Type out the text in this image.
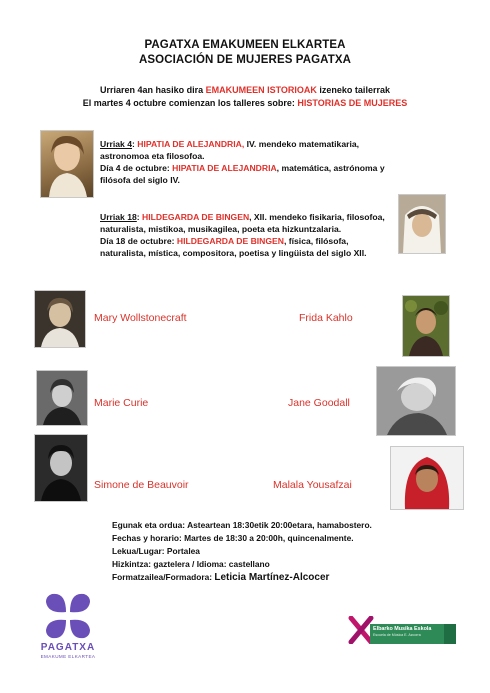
PAGATXA EMAKUMEEN ELKARTEA
ASOCIACIÓN DE MUJERES PAGATXA
Urriaren 4an hasiko dira EMAKUMEEN ISTORIOAK izeneko tailerrak
El martes 4 octubre comienzan los talleres sobre: HISTORIAS DE MUJERES
Urriak 4: HIPATIA DE ALEJANDRIA, IV. mendeko matematikaria,
astronomoa eta filosofoa.
Día 4 de octubre: HIPATIA DE ALEJANDRIA, matemática, astrónoma y
filósofa del siglo IV.
Urriak 18: HILDEGARDA DE BINGEN, XII. mendeko fisikaria, filosofoa,
naturalista, mistikoa, musikagilea, poeta eta hizkuntzalaria.
Día 18 de octubre: HILDEGARDA DE BINGEN, física, filósofa,
naturalista, mística, compositora, poetisa y lingüista del siglo XII.
Mary Wollstonecraft	Frida Kahlo
Marie Curie	Jane Goodall
Simone de Beauvoir	Malala Yousafzai
Egunak eta ordua: Asteartean 18:30etik 20:00etara, hamabostero.
Fechas y horario: Martes de 18:30 a 20:00h, quincenalmente.
Lekua/Lugar: Portalea
Hizkintza: gaztelera / Idioma: castellano
Formatzailea/Formadora: Leticia Martínez-Alcocer
PAGATXA
EMAKUME ELKARTEA
Elbarko Musika Eskola
Escuela de Música E. Azcorra
